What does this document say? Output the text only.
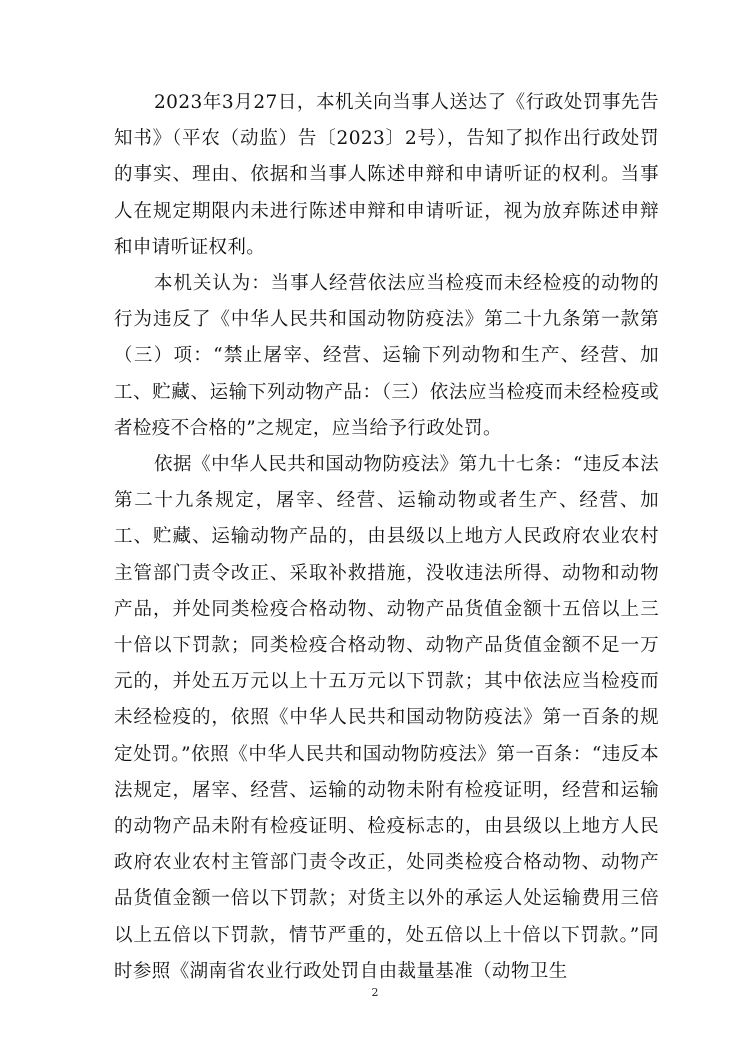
2023年3月27日，本机关向当事人送达了《行政处罚事先告知书》（平农（动监）告〔2023〕2号），告知了拟作出行政处罚的事实、理由、依据和当事人陈述申辩和申请听证的权利。当事人在规定期限内未进行陈述申辩和申请听证，视为放弃陈述申辩和申请听证权利。

本机关认为：当事人经营依法应当检疫而未经检疫的动物的行为违反了《中华人民共和国动物防疫法》第二十九条第一款第（三）项：“禁止屠宰、经营、运输下列动物和生产、经营、加工、贮藏、运输下列动物产品：（三）依法应当检疫而未经检疫或者检疫不合格的”之规定，应当给予行政处罚。

依据《中华人民共和国动物防疫法》第九十七条：“违反本法第二十九条规定，屠宰、经营、运输动物或者生产、经营、加工、贮藏、运输动物产品的，由县级以上地方人民政府农业农村主管部门责令改正、采取补救措施，没收违法所得、动物和动物产品，并处同类检疫合格动物、动物产品货值金额十五倍以上三十倍以下罚款；同类检疫合格动物、动物产品货值金额不足一万元的，并处五万元以上十五万元以下罚款；其中依法应当检疫而未经检疫的，依照《中华人民共和国动物防疫法》第一百条的规定处罚。”依照《中华人民共和国动物防疫法》第一百条：“违反本法规定，屠宰、经营、运输的动物未附有检疫证明，经营和运输的动物产品未附有检疫证明、检疫标志的，由县级以上地方人民政府农业农村主管部门责令改正，处同类检疫合格动物、动物产品货值金额一倍以下罚款；对货主以外的承运人处运输费用三倍以上五倍以下罚款，情节严重的，处五倍以上十倍以下罚款。”同时参照《湖南省农业行政处罚自由裁量基准（动物卫生

2
